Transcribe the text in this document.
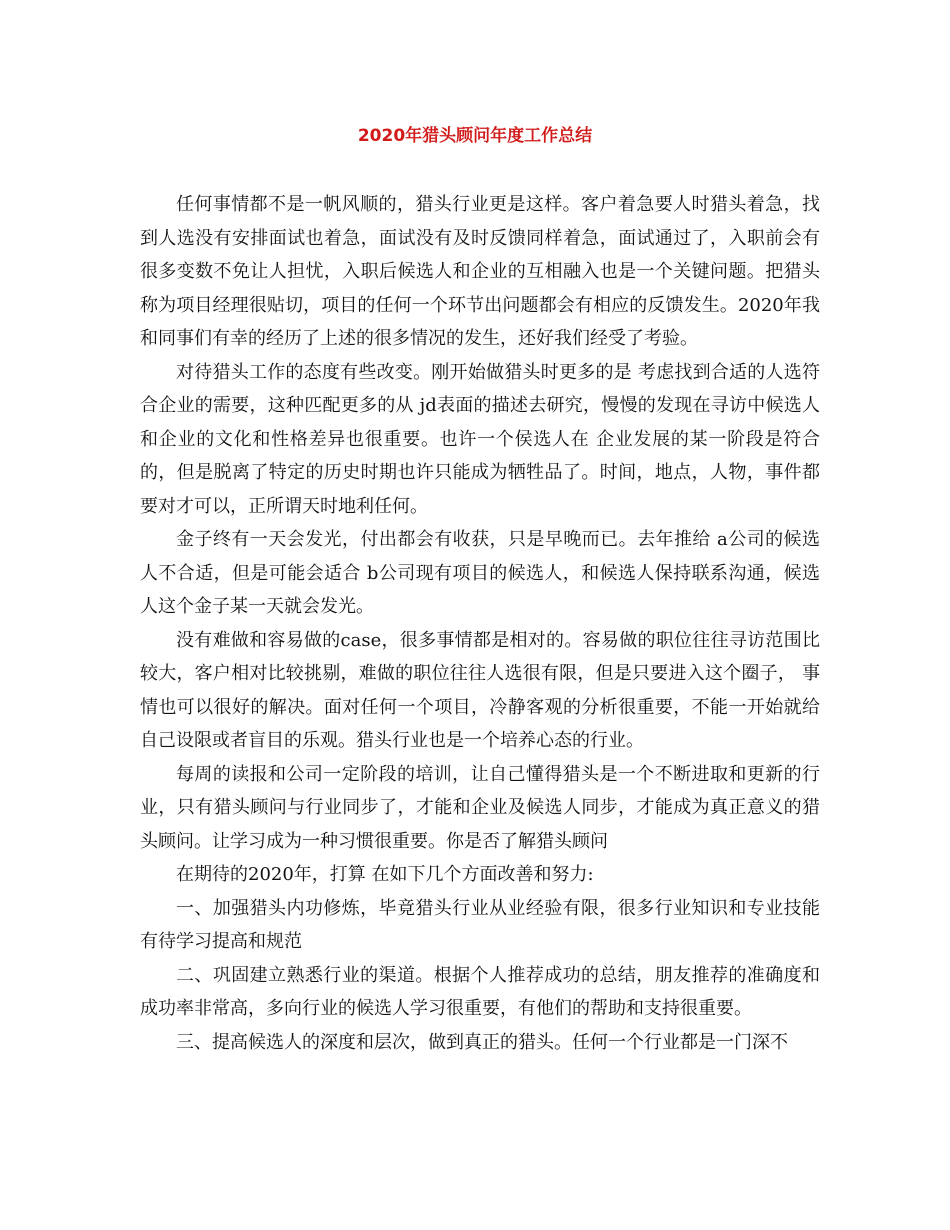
2020年猎头顾问年度工作总结

任何事情都不是一帆风顺的，猎头行业更是这样。客户着急要人时猎头着急，找到人选没有安排面试也着急，面试没有及时反馈同样着急，面试通过了，入职前会有 很多变数不免让人担忧，入职后候选人和企业的互相融入也是一个关键问题。把猎头称为项目经理很贴切，项目的任何一个环节出问题都会有相应的反馈发生。2020年我和同事们有幸的经历了上述的很多情况的发生，还好我们经受了考验。

对待猎头工作的态度有些改变。刚开始做猎头时更多的是 考虑找到合适的人选符合企业的需要，这种匹配更多的从 jd表面的描述去研究，慢慢的发现在寻访中候选人和企业的文化和性格差异也很重要。也许一个侯选人在 企业发展的某一阶段是符合的，但是脱离了特定的历史时期也许只能成为牺牲品了。时间，地点，人物，事件都要对才可以，正所谓天时地利任何。

金子终有一天会发光，付出都会有收获，只是早晚而已。去年推给 a公司的候选人不合适，但是可能会适合 b公司现有项目的候选人，和候选人保持联系沟通，候选人这个金子某一天就会发光。

没有难做和容易做的case，很多事情都是相对的。容易做的职位往往寻访范围比较大，客户相对比较挑剔，难做的职位往往人选很有限，但是只要进入这个圈子， 事情也可以很好的解决。面对任何一个项目，冷静客观的分析很重要，不能一开始就给自己设限或者盲目的乐观。猎头行业也是一个培养心态的行业。

每周的读报和公司一定阶段的培训，让自己懂得猎头是一个不断进取和更新的行业，只有猎头顾问与行业同步了，才能和企业及候选人同步，才能成为真正意义的猎头顾问。让学习成为一种习惯很重要。你是否了解猎头顾问

在期待的2020年，打算 在如下几个方面改善和努力:

一、加强猎头内功修炼，毕竟猎头行业从业经验有限，很多行业知识和专业技能有待学习提高和规范

二、巩固建立熟悉行业的渠道。根据个人推荐成功的总结，朋友推荐的准确度和成功率非常高，多向行业的候选人学习很重要，有他们的帮助和支持很重要。

三、提高候选人的深度和层次，做到真正的猎头。任何一个行业都是一门深不
